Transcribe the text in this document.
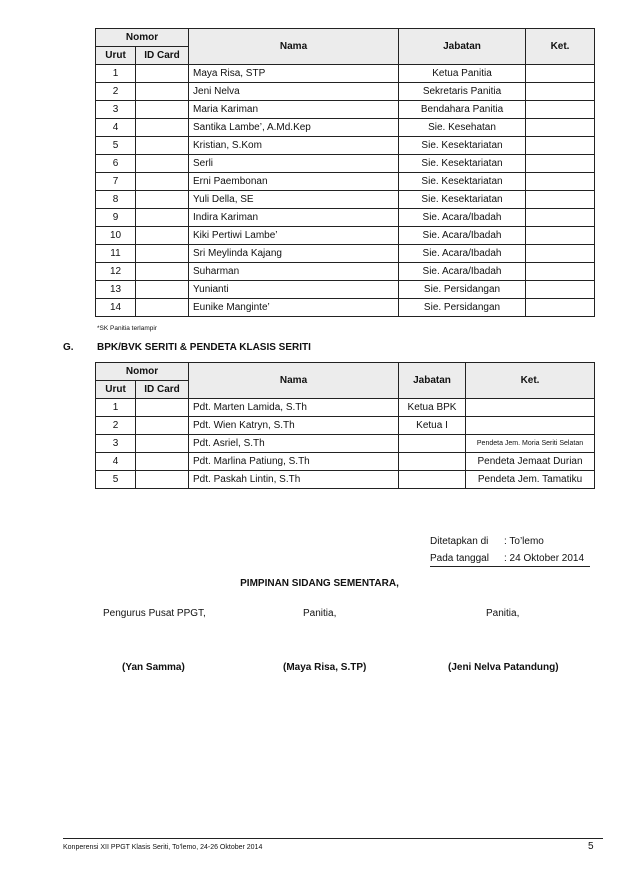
Nomor		Nama	Jabatan	Ket.
Urut	ID Card			
1		Maya Risa, STP	Ketua Panitia	
2		Jeni Nelva	Sekretaris Panitia	
3		Maria Kariman	Bendahara Panitia	
4		Santika Lambe’, A.Md.Kep	Sie. Kesehatan	
5		Kristian, S.Kom	Sie. Kesektariatan	
6		Serli	Sie. Kesektariatan	
7		Erni Paembonan	Sie. Kesektariatan	
8		Yuli Della, SE	Sie. Kesektariatan	
9		Indira Kariman	Sie. Acara/Ibadah	
10		Kiki Pertiwi Lambe’	Sie. Acara/Ibadah	
11		Sri Meylinda Kajang	Sie. Acara/Ibadah	
12		Suharman	Sie. Acara/Ibadah	
13		Yunianti	Sie. Persidangan	
14		Eunike Manginte’	Sie. Persidangan	
*SK Panitia terlampir
G. BPK/BVK SERITI & PENDETA KLASIS SERITI
Nomor		Nama	Jabatan	Ket.
Urut	ID Card			
1		Pdt. Marten Lamida, S.Th	Ketua BPK	
2		Pdt. Wien Katryn, S.Th	Ketua I	
3		Pdt. Asriel, S.Th		Pendeta Jem. Moria Seriti Selatan
4		Pdt. Marlina Patiung, S.Th		Pendeta Jemaat Durian
5		Pdt. Paskah Lintin, S.Th		Pendeta Jem. Tamatiku
Ditetapkan di : To’lemo
Pada tanggal : 24 Oktober 2014
PIMPINAN SIDANG SEMENTARA,
Pengurus Pusat PPGT,	Panitia,	Panitia,
(Yan Samma)	(Maya Risa, S.TP)	(Jeni Nelva Patandung)
Konperensi XII PPGT Klasis Seriti, To’lemo, 24-26 Oktober 2014	5
